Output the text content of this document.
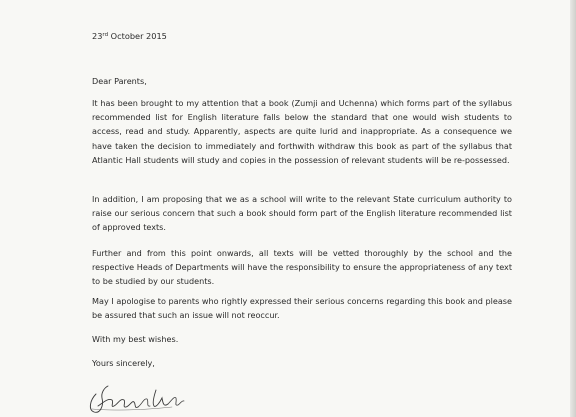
23rd October 2015

Dear Parents,

It has been brought to my attention that a book (Zumji and Uchenna) which forms part of the syllabus recommended list for English literature falls below the standard that one would wish students to access, read and study. Apparently, aspects are quite lurid and inappropriate. As a consequence we have taken the decision to immediately and forthwith withdraw this book as part of the syllabus that Atlantic Hall students will study and copies in the possession of relevant students will be re-possessed.

In addition, I am proposing that we as a school will write to the relevant State curriculum authority to raise our serious concern that such a book should form part of the English literature recommended list of approved texts.

Further and from this point onwards, all texts will be vetted thoroughly by the school and the respective Heads of Departments will have the responsibility to ensure the appropriateness of any text to be studied by our students.

May I apologise to parents who rightly expressed their serious concerns regarding this book and please be assured that such an issue will not reoccur.

With my best wishes.

Yours sincerely,
